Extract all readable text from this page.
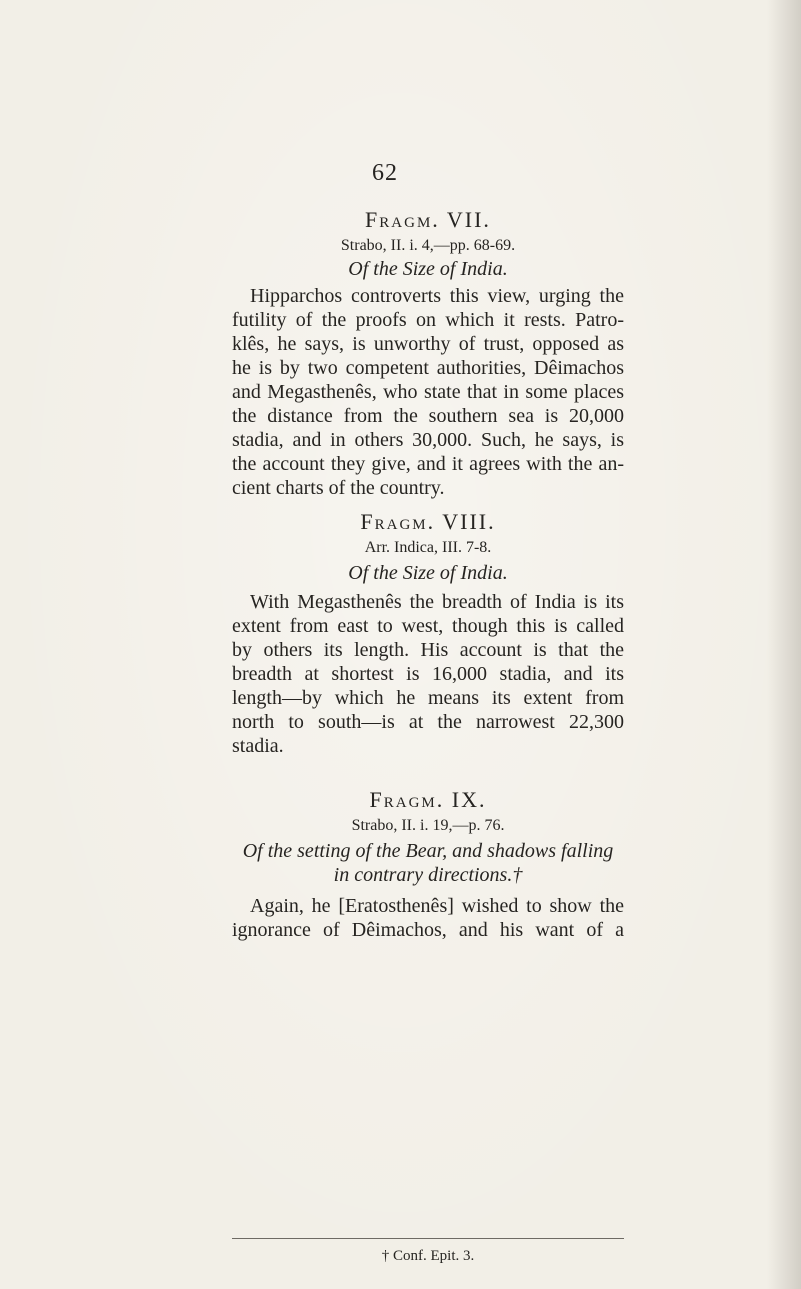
62
Fragm. VII.
Strabo, II. i. 4,—pp. 68-69.
Of the Size of India.
Hipparchos controverts this view, urging the
futility of the proofs on which it rests. Patro-
klês, he says, is unworthy of trust, opposed as
he is by two competent authorities, Dêimachos
and Megasthenês, who state that in some places
the distance from the southern sea is 20,000
stadia, and in others 30,000. Such, he says, is
the account they give, and it agrees with the an-
cient charts of the country.
Fragm. VIII.
Arr. Indica, III. 7-8.
Of the Size of India.
With Megasthenês the breadth of India is its
extent from east to west, though this is called
by others its length. His account is that the
breadth at shortest is 16,000 stadia, and its
length—by which he means its extent from
north to south—is at the narrowest 22,300
stadia.
Fragm. IX.
Strabo, II. i. 19,—p. 76.
Of the setting of the Bear, and shadows falling
in contrary directions.†
Again, he [Eratosthenês] wished to show the
ignorance of Dêimachos, and his want of a
† Conf. Epit. 3.
